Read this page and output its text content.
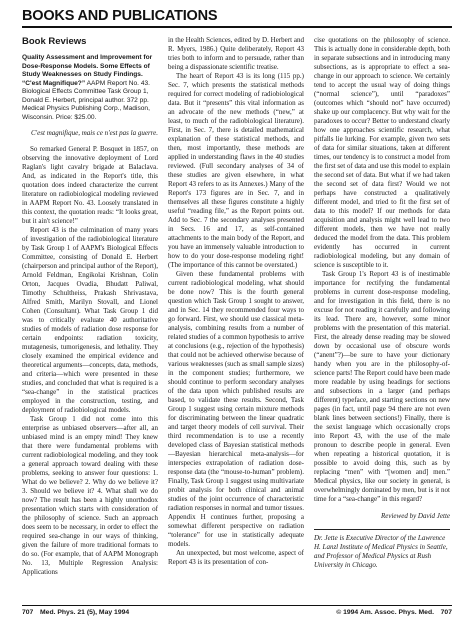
BOOKS AND PUBLICATIONS
Book Reviews
Quality Assessment and Improvement for Dose-Response Models. Some Effects of Study Weaknesses on Study Findings. “C'est Magnifique?” AAPM Report No. 43. Biological Effects Committee Task Group 1, Donald E. Herbert, principal author. 372 pp. Medical Physics Publishing Corp., Madison, Wisconsin. Price: $25.00.
C'est magnifique, mais ce n'est pas la guerre.

So remarked General P. Bosquet in 1857, on observing the innovative deployment of Lord Raglan's light cavalry brigade at Balaclava. And, as indicated in the Report's title, this quotation does indeed characterize the current literature on radiobiological modeling reviewed in AAPM Report No. 43. Loosely translated in this context, the quotation reads: “It looks great, but it ain't science!”

Report 43 is the culmination of many years of investigation of the radiobiological literature by Task Group 1 of AAPM's Biological Effects Committee, consisting of Donald E. Herbert (chairperson and principal author of the Report), Arnold Feldman, Engikolai Krishnan, Colin Orton, Jacques Ovadia, Bhudatt Paliwal, Timothy Schultheiss, Prakash Shrivastava, Alfred Smith, Marilyn Stovall, and Lionel Cohen (Consultant). What Task Group 1 did was to critically evaluate 40 authoritative studies of models of radiation dose response for certain endpoints: radiation toxicity, mutagenesis, tumorigenesis, and lethality. They closely examined the empirical evidence and theoretical arguments—concepts, data, methods, and criteria—which were presented in these studies, and concluded that what is required is a “sea-change” in the statistical practices employed in the construction, testing, and deployment of radiobiological models.

Task Group 1 did not come into this enterprise as unbiased observers—after all, an unbiased mind is an empty mind! They knew that there were fundamental problems with current radiobiological modeling, and they took a general approach toward dealing with these problems, seeking to answer four questions: 1. What do we believe? 2. Why do we believe it? 3. Should we believe it? 4. What shall we do now? The result has been a highly unorthodox presentation which starts with consideration of the philosophy of science. Such an approach does seem to be necessary, in order to effect the required sea-change in our ways of thinking, given the failure of more traditional formats to do so. (For example, that of AAPM Monograph No. 13, Multiple Regression Analysis: Applications

in the Health Sciences, edited by D. Herbert and R. Myers, 1986.) Quite deliberately, Report 43 tries both to inform and to persuade, rather than being a dispassionate scientific treatise.

The heart of Report 43 is its long (115 pp.) Sec. 7, which presents the statistical methods required for correct modeling of radiobiological data. But it “presents” this vital information as an advocate of the new methods (“new,” at least, to much of the radiobiological literature). First, in Sec. 7, there is detailed mathematical explanation of these statistical methods, and then, most importantly, these methods are applied in understanding flaws in the 40 studies reviewed. (Full secondary analyses of 34 of these studies are given elsewhere, in what Report 43 refers to as its Annexes.) Many of the Report's 173 figures are in Sec. 7, and in themselves all these figures constitute a highly useful “reading file,” as the Report points out. Add to Sec. 7 the secondary analyses presented in Secs. 16 and 17, as self-contained attachments to the main body of the Report, and you have an immensely valuable introduction to how to do your dose-response modeling right! (The importance of this cannot be overstated.)

Given these fundamental problems with current radiobiological modeling, what should be done now? This is the fourth general question which Task Group 1 sought to answer, and in Sec. 14 they recommended four ways to go forward. First, we should use classical meta-analysis, combining results from a number of related studies of a common hypothesis to arrive at conclusions (e.g., rejection of the hypothesis) that could not be achieved otherwise because of various weaknesses (such as small sample sizes) in the component studies; furthermore, we should continue to perform secondary analyses of the data upon which published results are based, to validate these results. Second, Task Group 1 suggest using certain mixture methods for discriminating between the linear quadratic and target theory models of cell survival. Their third recommendation is to use a recently developed class of Bayesian statistical methods—Bayesian hierarchical meta-analysis—for interspecies extrapolation of radiation dose-response data (the “mouse-to-human” problem). Finally, Task Group 1 suggest using multivariate probit analysis for both clinical and animal studies of the joint occurrence of characteristic radiation responses in normal and tumor tissues. Appendix H continues further, proposing a somewhat different perspective on radiation “tolerance” for use in statistically adequate models.

An unexpected, but most welcome, aspect of Report 43 is its presentation of con-

cise quotations on the philosophy of science. This is actually done in considerable depth, both in separate subsections and in introducing many subsections, as is appropriate to effect a sea-change in our approach to science. We certainly tend to accept the usual way of doing things (“normal science”), until “paradoxes” (outcomes which “should not” have occurred) shake up our complacency. But why wait for the paradoxes to occur? Better to understand clearly how one approaches scientific research, what pitfalls lie lurking. For example, given two sets of data for similar situations, taken at different times, our tendency is to construct a model from the first set of data and use this model to explain the second set of data. But what if we had taken the second set of data first? Would we not perhaps have constructed a qualitatively different model, and tried to fit the first set of data to this model? If our methods for data acquisition and analysis might well lead to two different models, then we have not really deduced the model from the data. This problem evidently has occurred in current radiobiological modeling, but any domain of science is susceptible to it.

Task Group 1's Report 43 is of inestimable importance for rectifying the fundamental problems in current dose-response modeling, and for investigation in this field, there is no excuse for not reading it carefully and following its lead. There are, however, some minor problems with the presentation of this material. First, the already dense reading may be slowed down by occasional use of obscure words (“anent”?)—be sure to have your dictionary handy when you are in the philosophy-of-science parts! The Report could have been made more readable by using headings for sections and subsections in a larger (and perhaps different) typeface, and starting sections on new pages (in fact, until page 94 there are not even blank lines between sections!) Finally, there is the sexist language which occasionally crops into Report 43, with the use of the male pronoun to describe people in general. Even when repeating a historical quotation, it is possible to avoid doing this, such as by replacing “men” with “[women and] men.” Medical physics, like our society in general, is overwhelmingly dominated by men, but is it not time for a “sea-change” in this regard?

Reviewed by David Jette
Dr. Jette is Executive Director of the Lawrence H. Lanzl Institute of Medical Physics in Seattle, and Professor of Medical Physics at Rush University in Chicago.
707 Med. Phys. 21 (5), May 1994	© 1994 Am. Assoc. Phys. Med. 707
